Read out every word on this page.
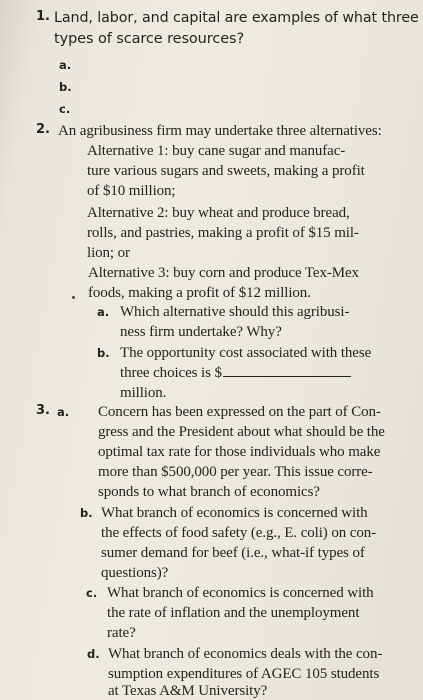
1. Land, labor, and capital are examples of what three
types of scarce resources?
a.
b.
c.
2. An agribusiness firm may undertake three alternatives:
Alternative 1: buy cane sugar and manufac-
ture various sugars and sweets, making a profit
of $10 million;
Alternative 2: buy wheat and produce bread,
rolls, and pastries, making a profit of $15 mil-
lion; or
Alternative 3: buy corn and produce Tex-Mex
foods, making a profit of $12 million.
a. Which alternative should this agribusi-
ness firm undertake? Why?
b. The opportunity cost associated with these
three choices is $
million.
3. a. Concern has been expressed on the part of Con-
gress and the President about what should be the
optimal tax rate for those individuals who make
more than $500,000 per year. This issue corre-
sponds to what branch of economics?
b. What branch of economics is concerned with
the effects of food safety (e.g., E. coli) on con-
sumer demand for beef (i.e., what-if types of
questions)?
c. What branch of economics is concerned with
the rate of inflation and the unemployment
rate?
d. What branch of economics deals with the con-
sumption expenditures of AGEC 105 students
at Texas A&M University?
